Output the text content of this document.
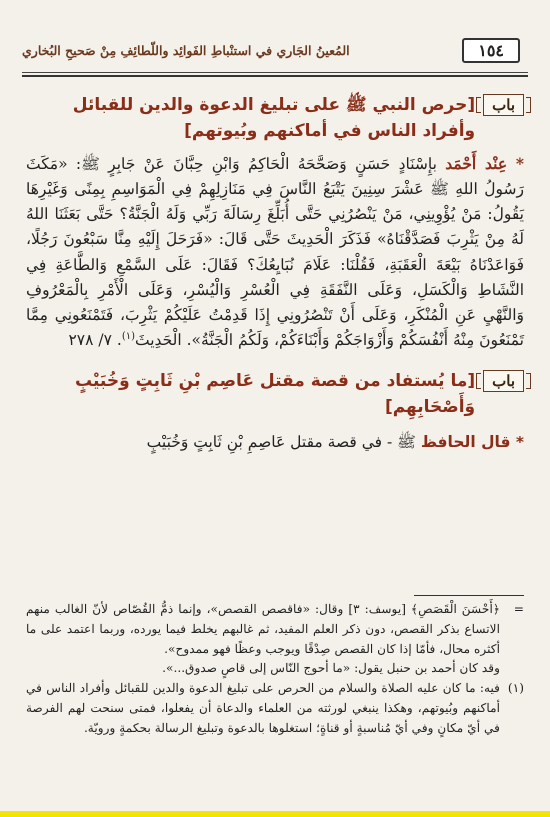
١٥٤
المُعينُ الجَاري في استنْباطِ الفَوائِد واللّطائِفِ مِنْ صَحيحِ البُخاري
باب
[حرص النبي ﷺ على تبليغ الدعوة والدين للقبائل وأفراد الناس في أماكنهم وبُيوتهم]

* عِنْد أَحْمَد بإِسْنَادٍ حَسَنٍ وَصَحَّحَهُ الْحَاكِمُ وَابْنِ حِبَّانَ عَنْ جَابِرٍ ﷺ: «مَكَثَ رَسُولُ اللهِ ﷺ عَشْرَ سِنِينَ يَتْبَعُ النَّاسَ فِي مَنَازِلِهِمْ فِي الْمَوَاسِمِ بِمِنًى وَغَيْرِهَا يَقُولُ: مَنْ يُؤْوِينِي، مَنْ يَنْصُرُنِي حَتَّى أُبَلِّغَ رِسَالَةَ رَبِّي وَلَهُ الْجَنَّةُ؟ حَتَّى بَعَثَنَا اللهُ لَهُ مِنْ يَثْرِبَ فَصَدَّقْنَاهُ» فَذَكَرَ الْحَدِيثَ حَتَّى قَالَ: «فَرَحَلَ إِلَيْهِ مِنَّا سَبْعُونَ رَجُلًا، فَوَاعَدْنَاهُ بَيْعَةَ الْعَقَبَةِ، فَقُلْنَا: عَلَامَ نُبَايِعُكَ؟ فَقَالَ: عَلَى السَّمْعِ وَالطَّاعَةِ فِي النَّشَاطِ وَالْكَسَلِ، وَعَلَى النَّفَقَةِ فِي الْعُسْرِ وَالْيُسْرِ، وَعَلَى الْأَمْرِ بِالْمَعْرُوفِ وَالنَّهْيِ عَنِ الْمُنْكَرِ، وَعَلَى أَنْ تَنْصُرُونِي إِذَا قَدِمْتُ عَلَيْكُمْ يَثْرِبَ، فَتَمْنَعُونِي مِمَّا تَمْنَعُونَ مِنْهُ أَنْفُسَكُمْ وَأَزْوَاجَكُمْ وَأَبْنَاءَكُمْ، وَلَكُمُ الْجَنَّةُ». الْحَدِيثَ$^{(١)}$. ٧/ ٢٧٨

باب
[ما يُستفاد من قصة مقتل عَاصِم بْنِ ثَابِتٍ وَخُبَيْبٍ وَأَصْحَابِهِم]

* قال الحافظ ﷺ - في قصة مقتل عَاصِمِ بْنِ ثَابِتٍ وَخُبَيْبٍ

=
﴿أَحْسَنَ الْقَصَصِ﴾ [يوسف: ٣] وقال: «فاقصص القصص»، وإنما ذمُّ القُصّاص لأنّ الغالب منهم الاتساع بذكر القصص، دون ذكر العلم المفيد، ثم غالبهم يخلط فيما يورده، وربما اعتمد على ما أكثره محال، فأمّا إذا كان القصص صِدْقًا ويوجب وعظًا فهو ممدوح».
وقد كان أحمد بن حنبل يقول: «ما أحوج النّاس إلى قاصٍ صدوق...».
(١)
فيه: ما كان عليه الصلاة والسلام من الحرص على تبليغ الدعوة والدين للقبائل وأفراد الناس في أماكنهم وبُيوتهم، وهكذا ينبغي لورثته من العلماء والدعاة أن يفعلوا، فمتى سنحت لهم الفرصة في أيّ مكانٍ وفي أيّ مُناسبةٍ أو قناةٍ؛ استغلوها بالدعوة وتبليغ الرسالة بحكمةٍ ورويّة.
